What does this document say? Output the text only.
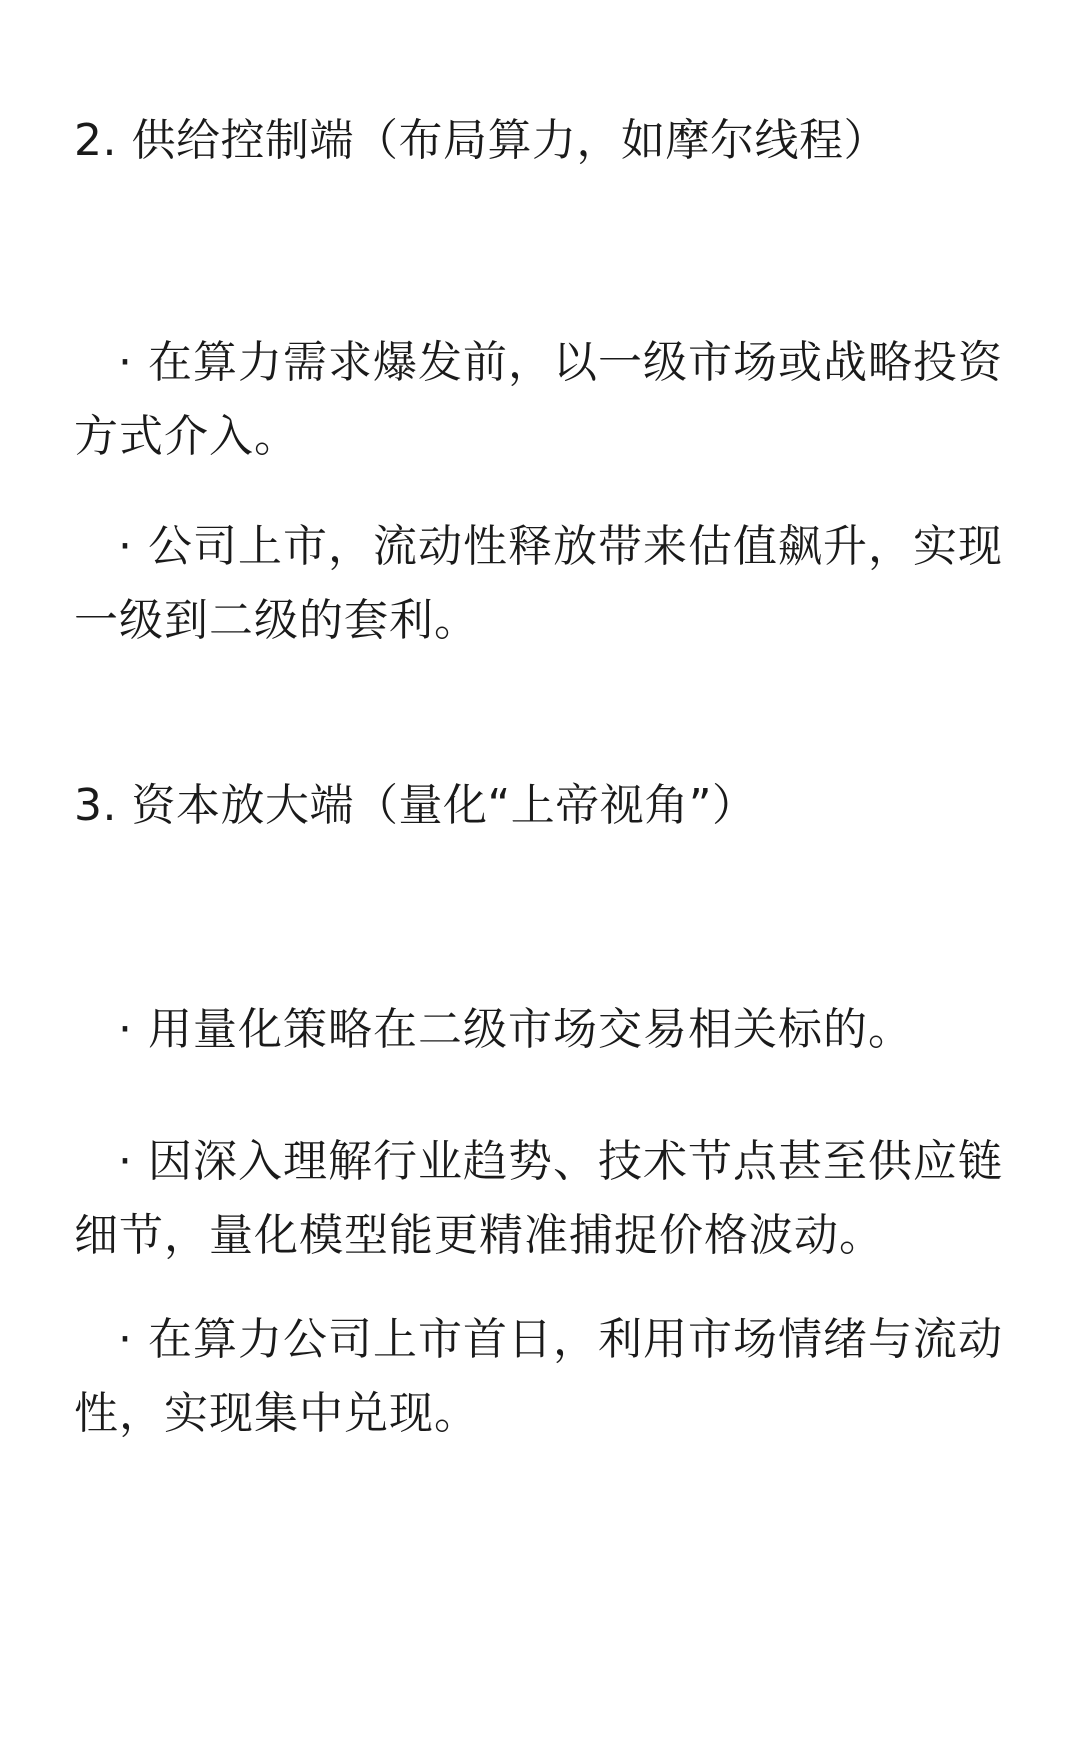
2. 供给控制端（布局算力，如摩尔线程）
· 在算力需求爆发前，以一级市场或战略投资方式介入。
· 公司上市，流动性释放带来估值飙升，实现一级到二级的套利。
3. 资本放大端（量化“上帝视角”）
· 用量化策略在二级市场交易相关标的。
· 因深入理解行业趋势、技术节点甚至供应链细节，量化模型能更精准捕捉价格波动。
· 在算力公司上市首日，利用市场情绪与流动性，实现集中兑现。
